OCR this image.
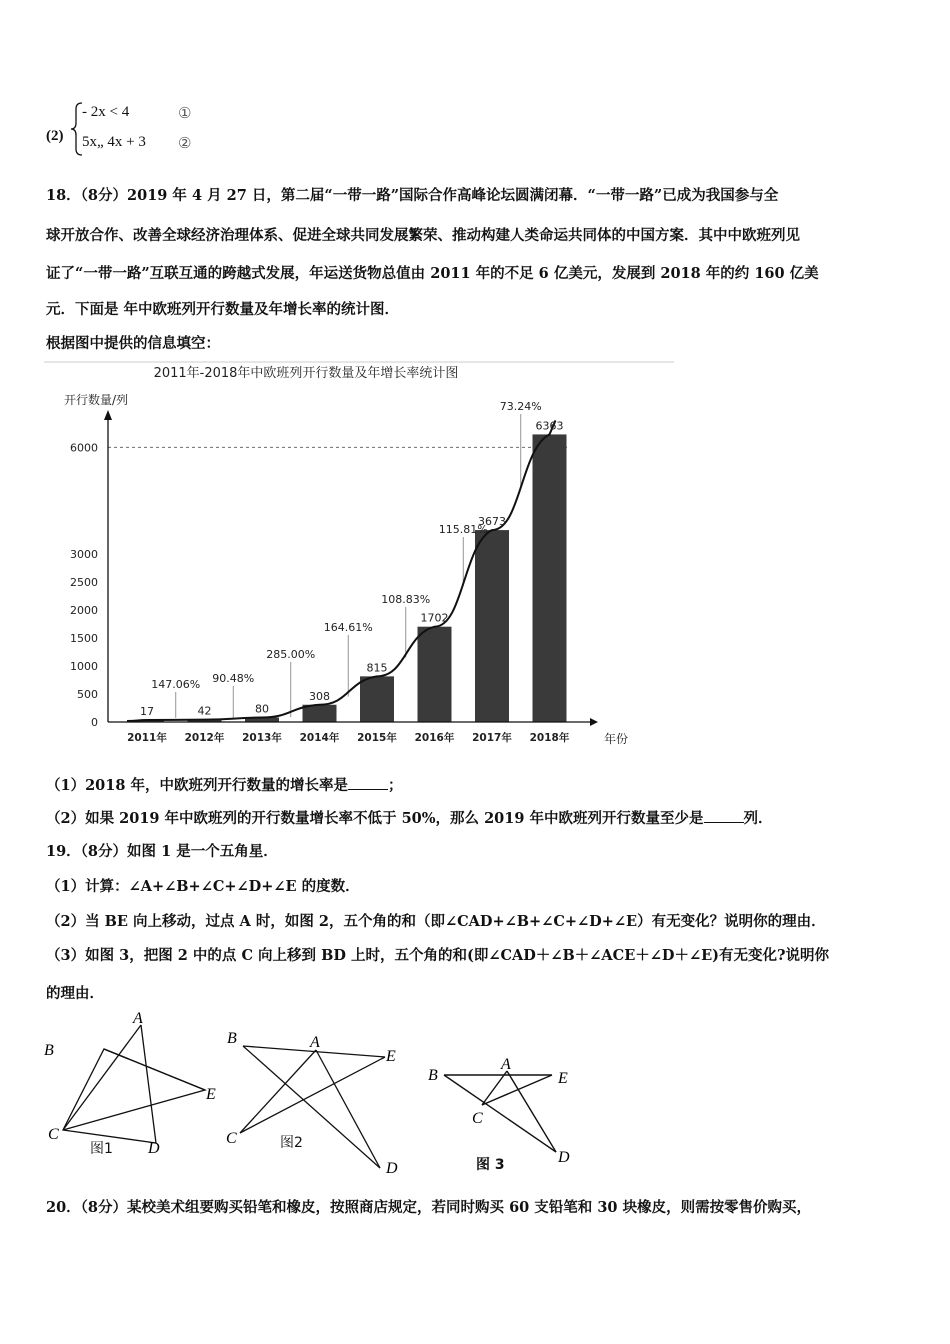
(2)
- 2x < 4	①
5x„ 4x + 3 ②
18．（8分）2019 年 4 月 27 日，第二届“一带一路”国际合作高峰论坛圆满闭幕．“一带一路”已成为我国参与全
球开放合作、改善全球经济治理体系、促进全球共同发展繁荣、推动构建人类命运共同体的中国方案．其中中欧班列见
证了“一带一路”互联互通的跨越式发展，年运送货物总值由 2011 年的不足 6 亿美元，发展到 2018 年的约 160 亿美
元．下面是 年中欧班列开行数量及年增长率的统计图．
根据图中提供的信息填空：
2011年-2018年中欧班列开行数量及年增长率统计图
开行数量/列
年份
0
500
1000
1500
2000
2500
3000
6000
147.06% 90.48%
285.00%
164.61%
108.83%
115.81%
73.24%
17
2011年
42
2012年
80
2013年
308
2014年
815
2015年
1702
2016年
3673
2017年
6363
2018年
（1）2018 年，中欧班列开行数量的增长率是	；
（2）如果 2019 年中欧班列的开行数量增长率不低于 50%，那么 2019 年中欧班列开行数量至少是	列．
19．（8分）如图 1 是一个五角星．
（1）计算：∠A+∠B+∠C+∠D+∠E 的度数．
（2）当 BE 向上移动，过点 A 时，如图 2，五个角的和（即∠CAD+∠B+∠C+∠D+∠E）有无变化？说明你的理由．
（3）如图 3，把图 2 中的点 C 向上移到 BD 上时，五个角的和(即∠CAD＋∠B＋∠ACE＋∠D＋∠E)有无变化?说明你
的理由．
A
B
C
D
E
图1
A
B
C
D
E
图2
A
B
C
D
E
图 3
20．（8分）某校美术组要购买铅笔和橡皮，按照商店规定，若同时购买 60 支铅笔和 30 块橡皮，则需按零售价购买，
